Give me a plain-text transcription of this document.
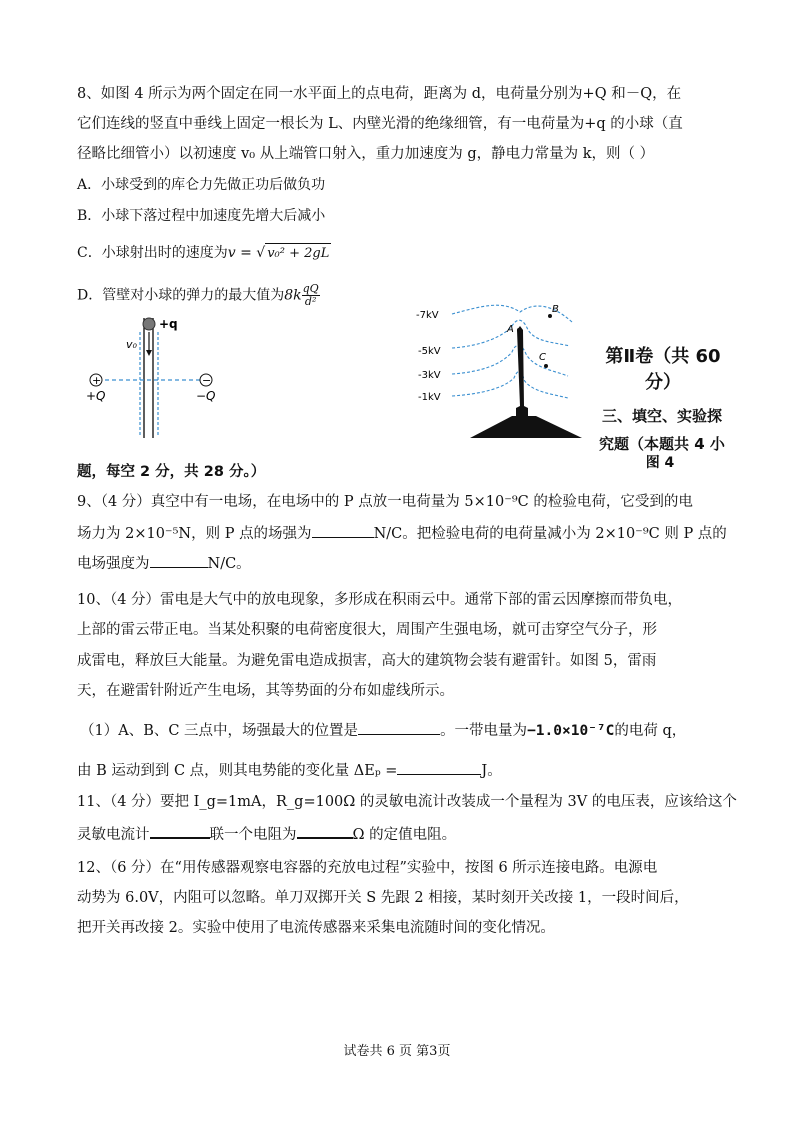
8、如图 4 所示为两个固定在同一水平面上的点电荷，距离为 d，电荷量分别为+Q 和－Q，在
它们连线的竖直中垂线上固定一根长为 L、内壁光滑的绝缘细管，有一电荷量为+q 的小球（直
径略比细管小）以初速度 v₀ 从上端管口射入，重力加速度为 g，静电力常量为 k，则（ ）
A．小球受到的库仑力先做正功后做负功
B．小球下落过程中加速度先增大后减小
C．小球射出时的速度为v = √ v₀² + 2gL
D．管壁对小球的弹力的最大值为$8k \frac{qQ}{\text{d²}}$
+q
v₀
+	−
+Q	−Q
-7kV
-5kV
-3kV
-1kV
A
B
C	第Ⅱ卷（共 60
分）
三、填空、实验探
究题（本题共 4 小
图 4
题，每空 2 分，共 28 分。）
9、（4 分）真空中有一电场，在电场中的 P 点放一电荷量为 5×10⁻⁹C 的检验电荷，它受到的电
场力为 2×10⁻⁵N，则 P 点的场强为	N/C。把检验电荷的电荷量减小为 2×10⁻⁹C 则 P 点的
电场强度为	N/C。
10、（4 分）雷电是大气中的放电现象，多形成在积雨云中。通常下部的雷云因摩擦而带负电，
上部的雷云带正电。当某处积聚的电荷密度很大，周围产生强电场，就可击穿空气分子，形
成雷电，释放巨大能量。为避免雷电造成损害，高大的建筑物会装有避雷针。如图 5，雷雨
天，在避雷针附近产生电场，其等势面的分布如虚线所示。
（1）A、B、C 三点中，场强最大的位置是	。一带电量为−1.0×10⁻⁷C的电荷 q，
由 B 运动到到 C 点，则其电势能的变化量 ΔEₚ =	J。
11、（4 分）要把 I_g=1mA，R_g=100Ω 的灵敏电流计改装成一个量程为 3V 的电压表，应该给这个
灵敏电流计	联一个电阻为	Ω 的定值电阻。
12、（6 分）在“用传感器观察电容器的充放电过程”实验中，按图 6 所示连接电路。电源电
动势为 6.0V，内阻可以忽略。单刀双掷开关 S 先跟 2 相接，某时刻开关改接 1，一段时间后，
把开关再改接 2。实验中使用了电流传感器来采集电流随时间的变化情况。
试卷共 6 页 第3页
